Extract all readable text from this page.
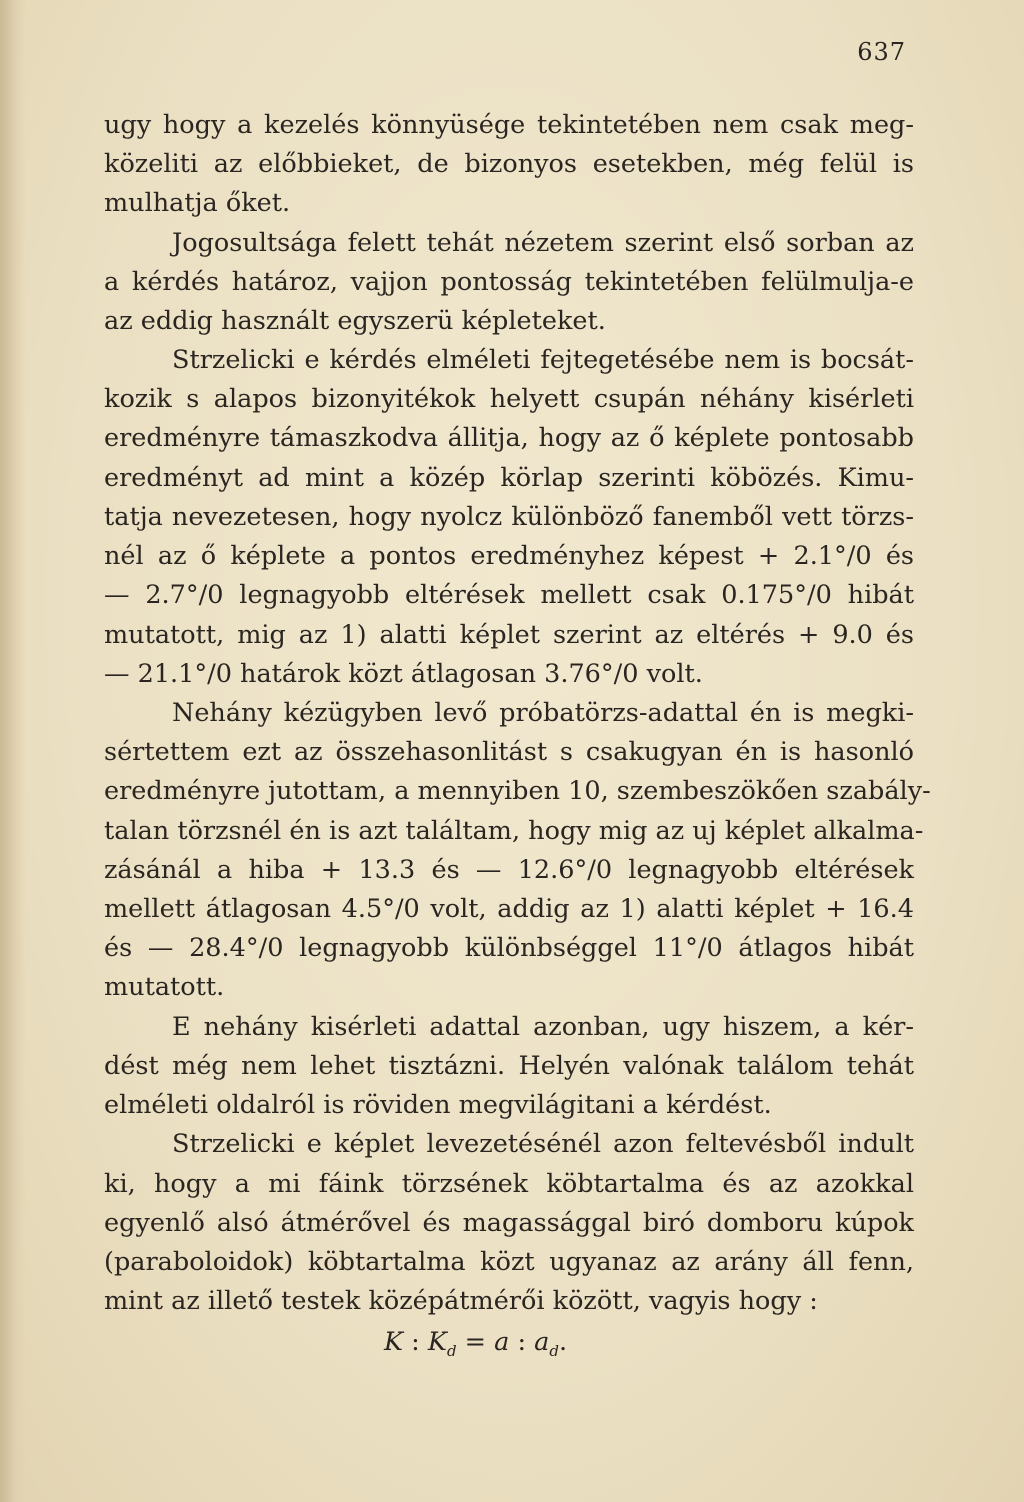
637
ugy hogy a kezelés könnyüsége tekintetében nem csak meg-
közeliti az előbbieket, de bizonyos esetekben, még felül is
mulhatja őket.
Jogosultsága felett tehát nézetem szerint első sorban az
a kérdés határoz, vajjon pontosság tekintetében felülmulja-e
az eddig használt egyszerü képleteket.
Strzelicki e kérdés elméleti fejtegetésébe nem is bocsát-
kozik s alapos bizonyitékok helyett csupán néhány kisérleti
eredményre támaszkodva állitja, hogy az ő képlete pontosabb
eredményt ad mint a közép körlap szerinti köbözés. Kimu-
tatja nevezetesen, hogy nyolcz különböző fanemből vett törzs-
nél az ő képlete a pontos eredményhez képest + 2.1°/0 és
— 2.7°/0 legnagyobb eltérések mellett csak 0.175°/0 hibát
mutatott, mig az 1) alatti képlet szerint az eltérés + 9.0 és
— 21.1°/0 határok közt átlagosan 3.76°/0 volt.
Nehány kézügyben levő próbatörzs-adattal én is megki-
sértettem ezt az összehasonlitást s csakugyan én is hasonló
eredményre jutottam, a mennyiben 10, szembeszökően szabály-
talan törzsnél én is azt találtam, hogy mig az uj képlet alkalma-
zásánál a hiba + 13.3 és — 12.6°/0 legnagyobb eltérések
mellett átlagosan 4.5°/0 volt, addig az 1) alatti képlet + 16.4
és — 28.4°/0 legnagyobb különbséggel 11°/0 átlagos hibát
mutatott.
E nehány kisérleti adattal azonban, ugy hiszem, a kér-
dést még nem lehet tisztázni. Helyén valónak találom tehát
elméleti oldalról is röviden megvilágitani a kérdést.
Strzelicki e képlet levezetésénél azon feltevésből indult
ki, hogy a mi fáink törzsének köbtartalma és az azokkal
egyenlő alsó átmérővel és magassággal biró domboru kúpok
(paraboloidok) köbtartalma közt ugyanaz az arány áll fenn,
mint az illető testek középátmérői között, vagyis hogy :
K : $K_d = a$ : $a_d$.
